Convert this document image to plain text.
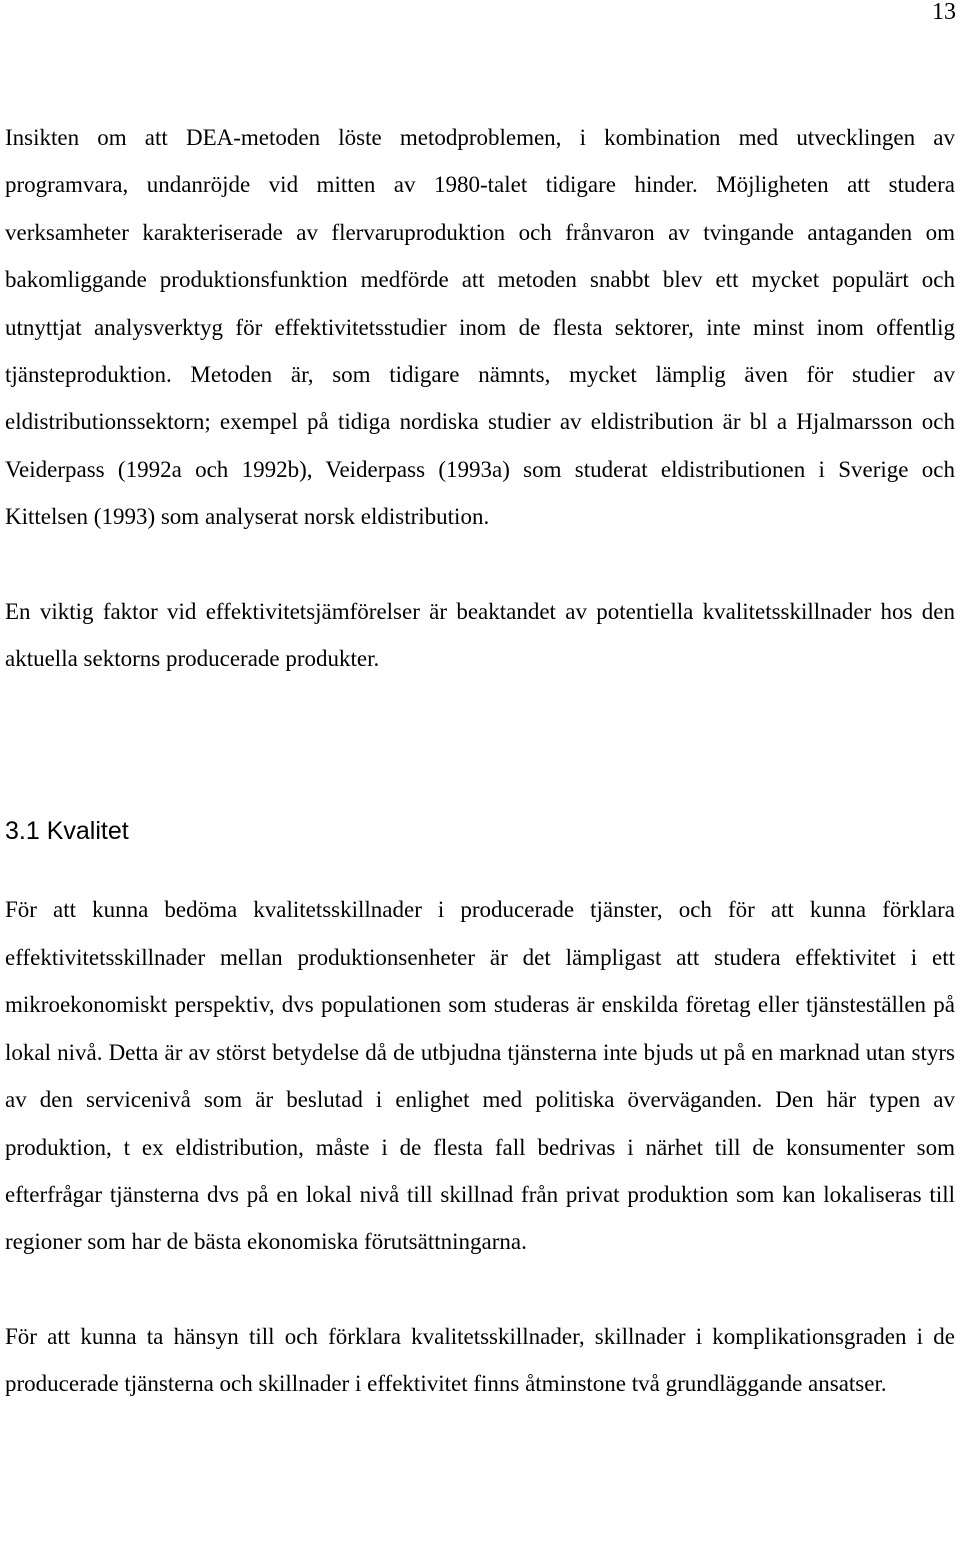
13

Insikten om att DEA-metoden löste metodproblemen, i kombination med utvecklingen av programvara, undanröjde vid mitten av 1980-talet tidigare hinder. Möjligheten att studera verksamheter karakteriserade av flervaruproduktion och frånvaron av tvingande antaganden om bakomliggande produktionsfunktion medförde att metoden snabbt blev ett mycket populärt och utnyttjat analysverktyg för effektivitetsstudier inom de flesta sektorer, inte minst inom offentlig tjänsteproduktion. Metoden är, som tidigare nämnts, mycket lämplig även för studier av eldistributionssektorn; exempel på tidiga nordiska studier av eldistribution är bl a Hjalmarsson och Veiderpass (1992a och 1992b), Veiderpass (1993a) som studerat eldistributionen i Sverige och Kittelsen (1993) som analyserat norsk eldistribution.

En viktig faktor vid effektivitetsjämförelser är beaktandet av potentiella kvalitetsskillnader hos den aktuella sektorns producerade produkter.

3.1 Kvalitet

För att kunna bedöma kvalitetsskillnader i producerade tjänster, och för att kunna förklara effektivitetsskillnader mellan produktionsenheter är det lämpligast att studera effektivitet i ett mikroekonomiskt perspektiv, dvs populationen som studeras är enskilda företag eller tjänsteställen på lokal nivå. Detta är av störst betydelse då de utbjudna tjänsterna inte bjuds ut på en marknad utan styrs av den servicenivå som är beslutad i enlighet med politiska överväganden. Den här typen av produktion, t ex eldistribution, måste i de flesta fall bedrivas i närhet till de konsumenter som efterfrågar tjänsterna dvs på en lokal nivå till skillnad från privat produktion som kan lokaliseras till regioner som har de bästa ekonomiska förutsättningarna.

För att kunna ta hänsyn till och förklara kvalitetsskillnader, skillnader i komplikationsgraden i de producerade tjänsterna och skillnader i effektivitet finns åtminstone två grundläggande ansatser.
